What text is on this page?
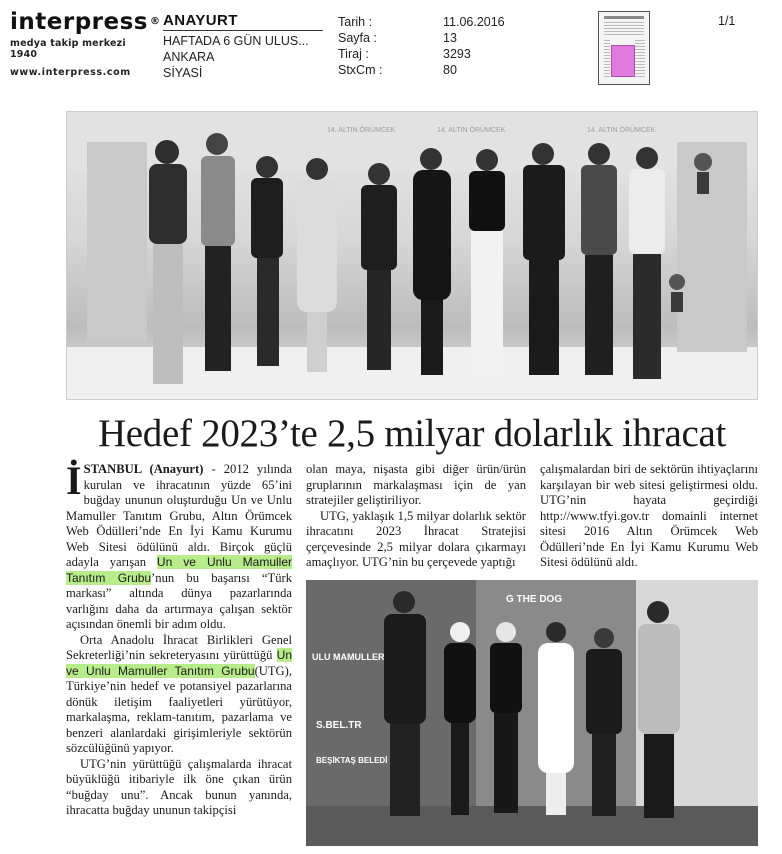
interpress ®
medya takip merkezi 1940
www.interpress.com
ANAYURT
HAFTADA 6 GÜN ULUS...
ANKARA
SİYASİ
Tarih :
Sayfa :
Tiraj :
StxCm :
11.06.2016
13
3293
80
1/1
14. ALTIN ÖRÜMCEK	14. ALTIN ÖRÜMCEK	14. ALTIN ÖRÜMCEK
Hedef 2023’te 2,5 milyar dolarlık ihracat

İSTANBUL (Anayurt) - 2012 yılında kurulan ve ihracatının yüzde 65’ini buğday ununun oluşturduğu Un ve Unlu Mamuller Tanıtım Grubu, Altın Örümcek Web Ödülleri’nde En İyi Kamu Kurumu Web Sitesi ödülünü aldı. Birçok güçlü adayla yarışan Un ve Unlu Mamuller Tanıtım Grubu’nun bu başarısı “Türk markası” altında dünya pazarlarında varlığını daha da artırmaya çalışan sektör açısından önemli bir adım oldu.

Orta Anadolu İhracat Birlikleri Genel Sekreterliği’nin sekreteryasını yürüttüğü Un ve Unlu Mamuller Tanıtım Grubu(UTG), Türkiye’nin hedef ve potansiyel pazarlarına dönük iletişim faaliyetleri yürütüyor, markalaşma, reklam-tanıtım, pazarlama ve benzeri alanlardaki girişimleriyle sektörün sözcülüğünü yapıyor.

UTG’nin yürüttüğü çalışmalarda ihracat büyüklüğü itibariyle ilk öne çıkan ürün “buğday unu”. Ancak bunun yanında, ihracatta buğday ununun takipçisi

olan maya, nişasta gibi diğer ürün/ürün gruplarının markalaşması için de yan stratejiler geliştiriliyor.

UTG, yaklaşık 1,5 milyar dolarlık sektör ihracatını 2023 İhracat Stratejisi çerçevesinde 2,5 milyar dolara çıkarmayı amaçlıyor. UTG’nin bu çerçevede yaptığı

çalışmalardan biri de sektörün ihtiyaçlarını karşılayan bir web sitesi geliştirmesi oldu. UTG’nin hayata geçirdiği http://www.tfyi.gov.tr domainli internet sitesi 2016 Altın Örümcek Web Ödülleri’nde En İyi Kamu Kurumu Web Sitesi ödülünü aldı.

ULU MAMULLER
S.BEL.TR
BEŞİKTAŞ BELEDİ
G THE DOG
